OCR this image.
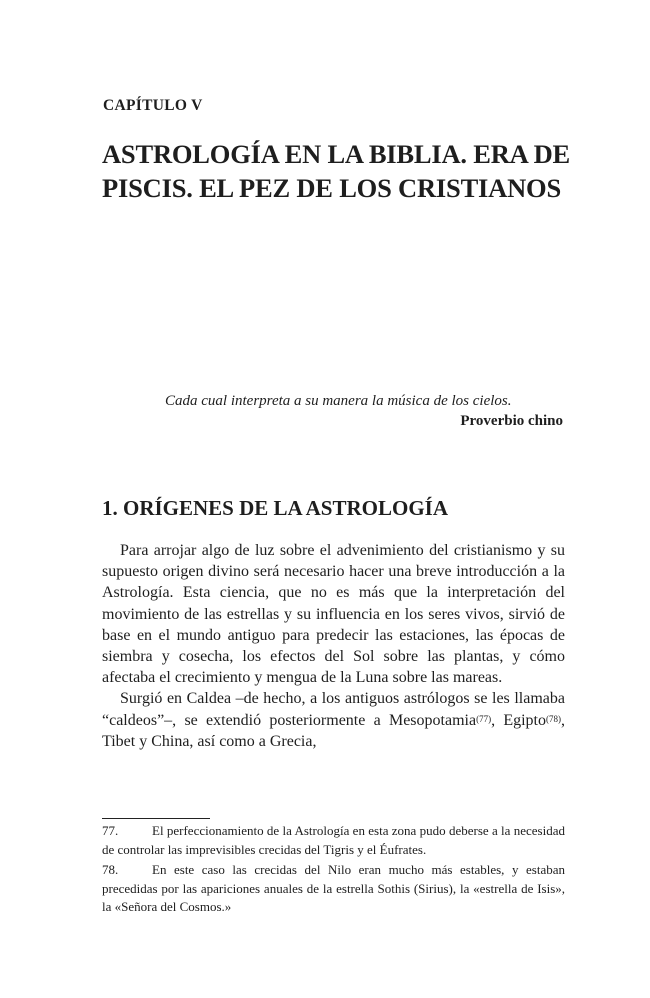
CAPÍTULO V
ASTROLOGÍA EN LA BIBLIA. ERA DE PISCIS. EL PEZ DE LOS CRISTIANOS
Cada cual interpreta a su manera la música de los cielos.
Proverbio chino
1. ORÍGENES DE LA ASTROLOGÍA

Para arrojar algo de luz sobre el advenimiento del cristianismo y su supuesto origen divino será necesario hacer una breve introducción a la Astrología. Esta ciencia, que no es más que la interpretación del movimiento de las estrellas y su influencia en los seres vivos, sirvió de base en el mundo antiguo para predecir las estaciones, las épocas de siembra y cosecha, los efectos del Sol sobre las plantas, y cómo afectaba el crecimiento y mengua de la Luna sobre las mareas.

Surgió en Caldea –de hecho, a los antiguos astrólogos se les llamaba “caldeos”–, se extendió posteriormente a Mesopotamia$^{(77)}$, Egipto$^{(78)}$, Tibet y China, así como a Grecia,

77.	El perfeccionamiento de la Astrología en esta zona pudo deberse a la necesidad de controlar las imprevisibles crecidas del Tigris y el Éufrates.

78.	En este caso las crecidas del Nilo eran mucho más estables, y estaban precedidas por las apariciones anuales de la estrella Sothis (Sirius), la «estrella de Isis», la «Señora del Cosmos.»
